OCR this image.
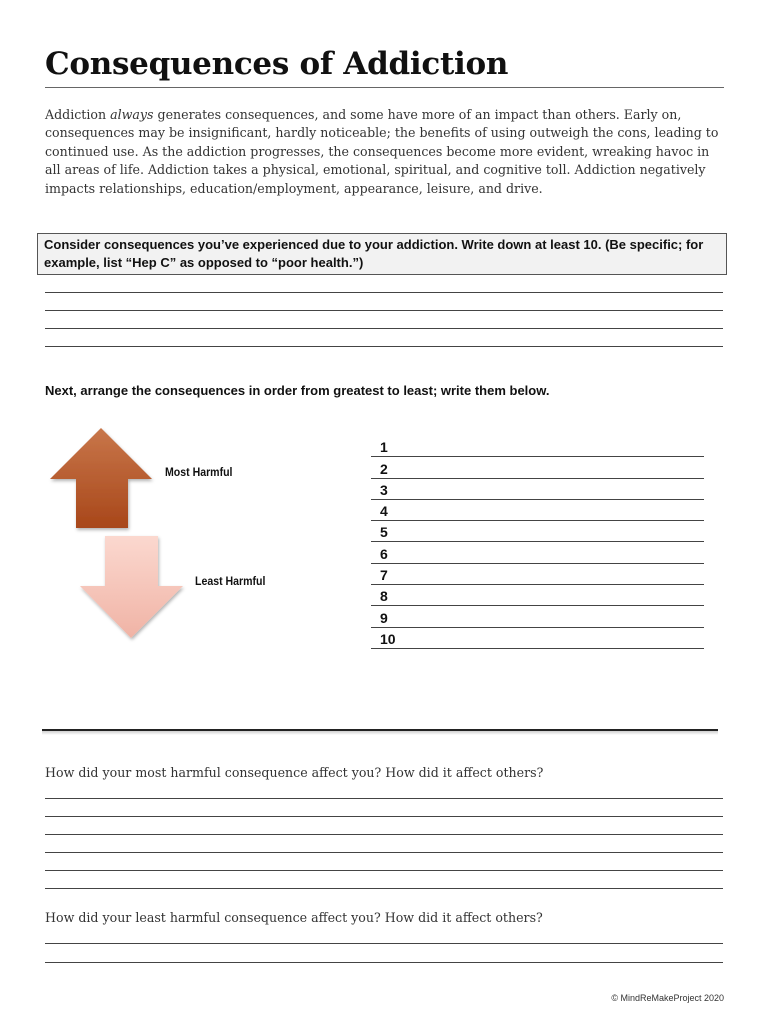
Consequences of Addiction

Addiction always generates consequences, and some have more of an impact than others. Early on, consequences may be insignificant, hardly noticeable; the benefits of using outweigh the cons, leading to continued use. As the addiction progresses, the consequences become more evident, wreaking havoc in all areas of life. Addiction takes a physical, emotional, spiritual, and cognitive toll. Addiction negatively impacts relationships, education/employment, appearance, leisure, and drive.

Consider consequences you’ve experienced due to your addiction. Write down at least 10. (Be specific; for example, list “Hep C” as opposed to “poor health.”)
Next, arrange the consequences in order from greatest to least; write them below.
Most Harmful
Least Harmful
1
2
3
4
5
6
7
8
9
10
How did your most harmful consequence affect you? How did it affect others?
How did your least harmful consequence affect you? How did it affect others?
© MindReMakeProject 2020
